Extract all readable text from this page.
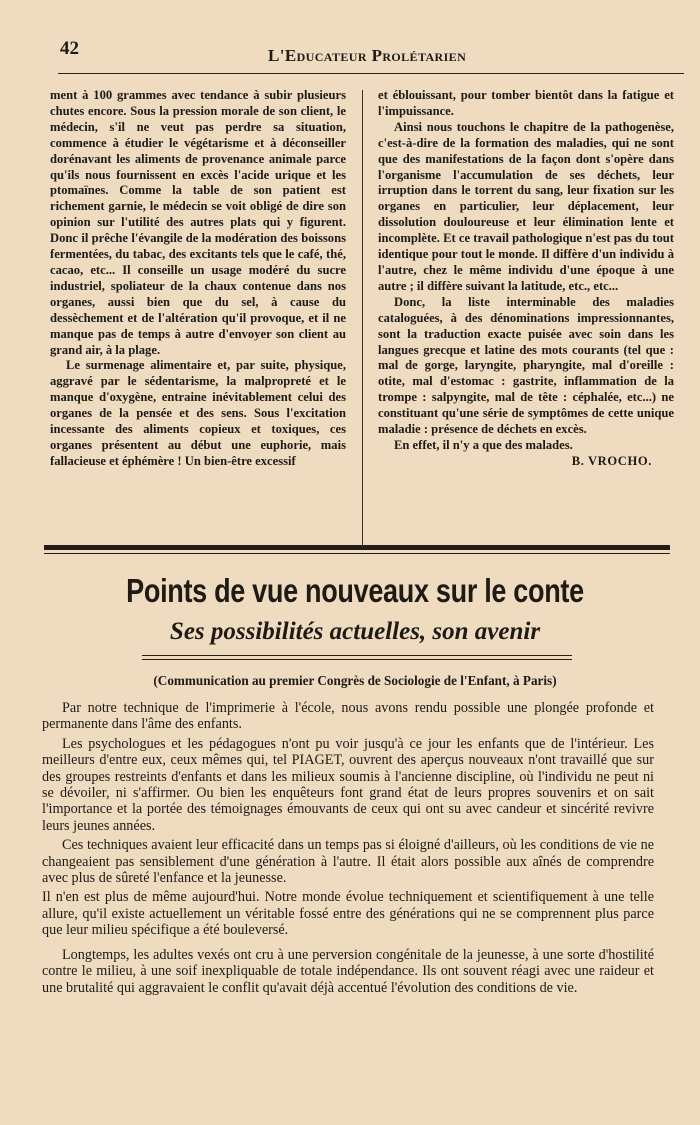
42	L'Educateur Prolétarien

ment à 100 grammes avec tendance à subir plusieurs chutes encore. Sous la pression morale de son client, le médecin, s'il ne veut pas perdre sa situation, commence à étudier le végétarisme et à déconseiller dorénavant les aliments de provenance animale parce qu'ils nous fournissent en excès l'acide urique et les ptomaïnes. Comme la table de son patient est richement garnie, le médecin se voit obligé de dire son opinion sur l'utilité des autres plats qui y figurent. Donc il prêche l'évangile de la modération des boissons fermentées, du tabac, des excitants tels que le café, thé, cacao, etc... Il conseille un usage modéré du sucre industriel, spoliateur de la chaux contenue dans nos organes, aussi bien que du sel, à cause du dessèchement et de l'altération qu'il provoque, et il ne manque pas de temps à autre d'envoyer son client au grand air, à la plage.

Le surmenage alimentaire et, par suite, physique, aggravé par le sédentarisme, la malpropreté et le manque d'oxygène, entraine inévitablement celui des organes de la pensée et des sens. Sous l'excitation incessante des aliments copieux et toxiques, ces organes présentent au début une euphorie, mais fallacieuse et éphémère ! Un bien-être excessif

et éblouissant, pour tomber bientôt dans la fatigue et l'impuissance.

Ainsi nous touchons le chapitre de la pathogenèse, c'est-à-dire de la formation des maladies, qui ne sont que des manifestations de la façon dont s'opère dans l'organisme l'accumulation de ses déchets, leur irruption dans le torrent du sang, leur fixation sur les organes en particulier, leur déplacement, leur dissolution douloureuse et leur élimination lente et incomplète. Et ce travail pathologique n'est pas du tout identique pour tout le monde. Il diffère d'un individu à l'autre, chez le même individu d'une époque à une autre ; il diffère suivant la latitude, etc., etc...

Donc, la liste interminable des maladies cataloguées, à des dénominations impressionnantes, sont la traduction exacte puisée avec soin dans les langues grecque et latine des mots courants (tel que : mal de gorge, laryngite, pharyngite, mal d'oreille : otite, mal d'estomac : gastrite, inflammation de la trompe : salpyngite, mal de tête : céphalée, etc...) ne constituant qu'une série de symptômes de cette unique maladie : présence de déchets en excès.

En effet, il n'y a que des malades.

B. VROCHO.

Points de vue nouveaux sur le conte
Ses possibilités actuelles, son avenir
(Communication au premier Congrès de Sociologie de l'Enfant, à Paris)

Par notre technique de l'imprimerie à l'école, nous avons rendu possible une plongée profonde et permanente dans l'âme des enfants.

Les psychologues et les pédagogues n'ont pu voir jusqu'à ce jour les enfants que de l'intérieur. Les meilleurs d'entre eux, ceux mêmes qui, tel PIAGET, ouvrent des aperçus nouveaux n'ont travaillé que sur des groupes restreints d'enfants et dans les milieux soumis à l'ancienne discipline, où l'individu ne peut ni se dévoiler, ni s'affirmer. Ou bien les enquêteurs font grand état de leurs propres souvenirs et on sait l'importance et la portée des témoignages émouvants de ceux qui ont su avec candeur et sincérité revivre leurs jeunes années.

Ces techniques avaient leur efficacité dans un temps pas si éloigné d'ailleurs, où les conditions de vie ne changeaient pas sensiblement d'une génération à l'autre. Il était alors possible aux aînés de comprendre avec plus de sûreté l'enfance et la jeunesse.

Il n'en est plus de même aujourd'hui. Notre monde évolue techniquement et scientifiquement à une telle allure, qu'il existe actuellement un véritable fossé entre des générations qui ne se comprennent plus parce que leur milieu spécifique a été bouleversé.

Longtemps, les adultes vexés ont cru à une perversion congénitale de la jeunesse, à une sorte d'hostilité contre le milieu, à une soif inexpliquable de totale indépendance. Ils ont souvent réagi avec une raideur et une brutalité qui aggravaient le conflit qu'avait déjà accentué l'évolution des conditions de vie.
